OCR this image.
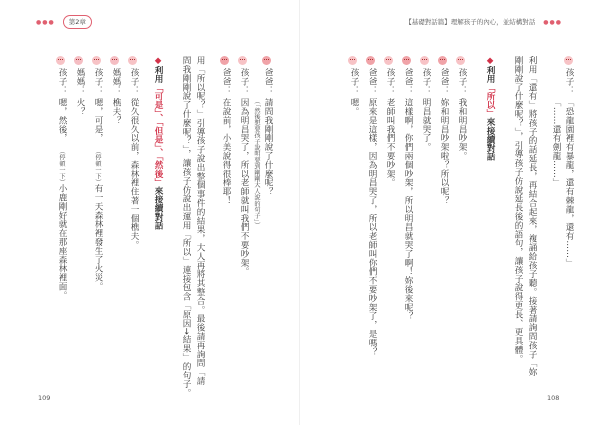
●●● 第2章	【基礎對話篇】理解孩子的內心，並結構對話 ●●●
孩子：
「恐龍園裡有暴龍，還有棘龍，還有……」
「……還有劍龍……」
利用「還有」將孩子的話延長，再結合起來，複誦給孩子聽。接著請詢問孩子「妳
剛剛說了什麼呢？」，引導孩子仿說延長後的語句，讓孩子說得更長、更具體。
◆利用「所以」來接續對話
孩子：
我和明昌吵架。
爸爸：
妳和明昌吵架啦？所以呢？
孩子：
明昌就哭了。
爸爸：
這樣啊，你們兩個吵架，所以明昌就哭了啊！妳後來呢？
孩子：
老師叫我們不要吵架。
爸爸：
原來是這樣，因為明昌哭了，所以老師叫你們不要吵架了，是嗎？
孩子：
嗯。
爸爸：
請問我剛剛說了什麼呢？
（「然後想要孩子說明要到剛剛大人說的句子」）
孩子：
因為明昌哭了，所以老師就叫我們不要吵架。
爸爸：
在說前，小美說得很棒耶！
用「所以呢？」引導孩子說出整個事件的結果，大人再將其整合。最後請再詢問「請
問我剛剛說了什麼呢？」，讓孩子仿說出運用「所以」連接包含「原因→結果」的句子。
◆利用「可是」、「但是」、「然後」來接續對話
孩子：
從久很久以前，森林裡住著一個樵夫。
媽媽：
樵夫？
孩子：
嗯，可是，
（停頓一下）
有一天森林裡發生了火災。
媽媽：
火？
孩子：
嗯，然後，
（停頓一下）
小鹿剛好就在那座森林裡面。
109	108
